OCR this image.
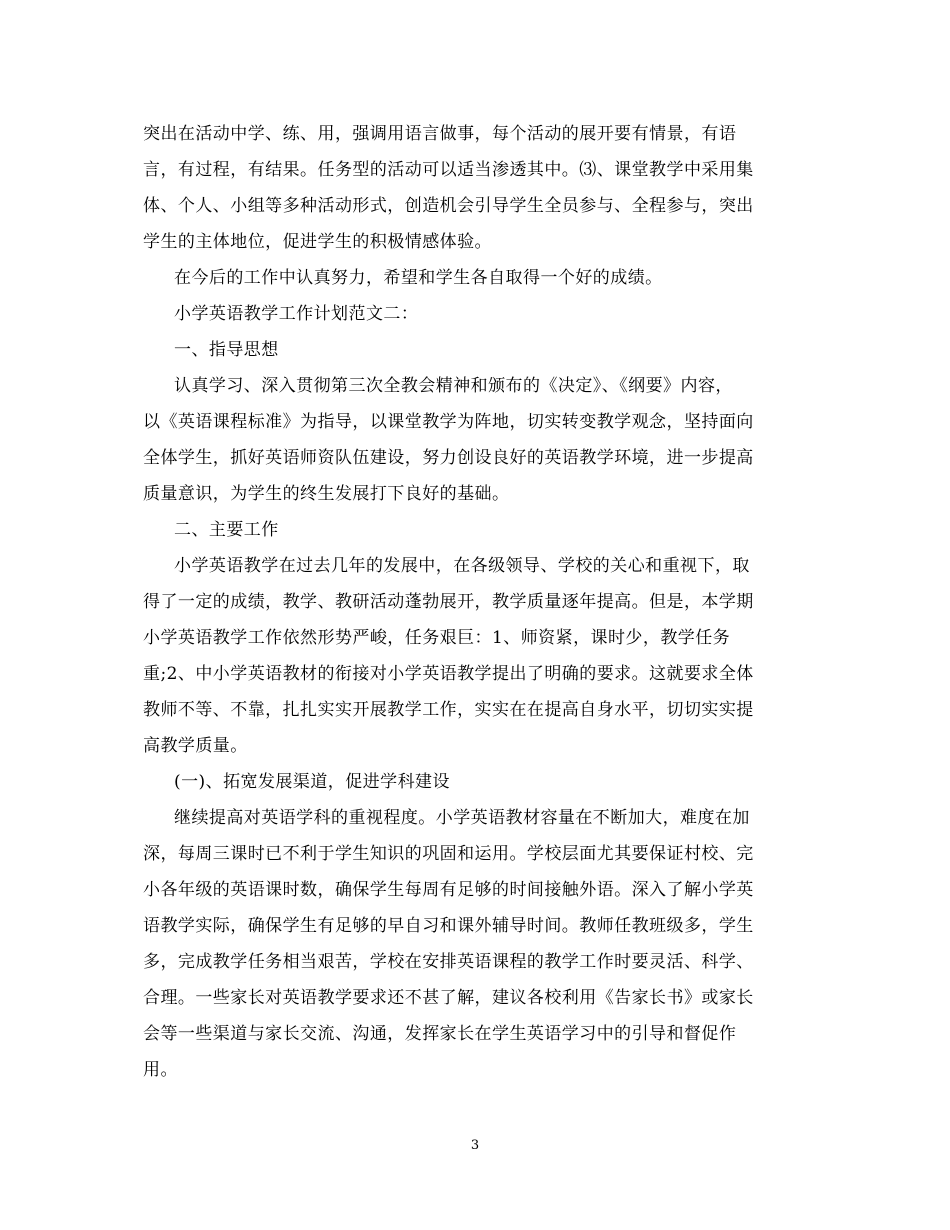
突出在活动中学、练、用，强调用语言做事，每个活动的展开要有情景，有语
言，有过程，有结果。任务型的活动可以适当渗透其中。⑶、课堂教学中采用集
体、个人、小组等多种活动形式，创造机会引导学生全员参与、全程参与，突出
学生的主体地位，促进学生的积极情感体验。
在今后的工作中认真努力，希望和学生各自取得一个好的成绩。
小学英语教学工作计划范文二：
一、指导思想
认真学习、深入贯彻第三次全教会精神和颁布的《决定》、《纲要》内容，
以《英语课程标准》为指导，以课堂教学为阵地，切实转变教学观念，坚持面向
全体学生，抓好英语师资队伍建设，努力创设良好的英语教学环境，进一步提高
质量意识，为学生的终生发展打下良好的基础。
二、主要工作
小学英语教学在过去几年的发展中，在各级领导、学校的关心和重视下，取
得了一定的成绩，教学、教研活动蓬勃展开，教学质量逐年提高。但是，本学期
小学英语教学工作依然形势严峻，任务艰巨：1、师资紧，课时少，教学任务
重;2、中小学英语教材的衔接对小学英语教学提出了明确的要求。这就要求全体
教师不等、不靠，扎扎实实开展教学工作，实实在在提高自身水平，切切实实提
高教学质量。
(一)、拓宽发展渠道，促进学科建设
继续提高对英语学科的重视程度。小学英语教材容量在不断加大，难度在加
深，每周三课时已不利于学生知识的巩固和运用。学校层面尤其要保证村校、完
小各年级的英语课时数，确保学生每周有足够的时间接触外语。深入了解小学英
语教学实际，确保学生有足够的早自习和课外辅导时间。教师任教班级多，学生
多，完成教学任务相当艰苦，学校在安排英语课程的教学工作时要灵活、科学、
合理。一些家长对英语教学要求还不甚了解，建议各校利用《告家长书》或家长
会等一些渠道与家长交流、沟通，发挥家长在学生英语学习中的引导和督促作
用。
3
